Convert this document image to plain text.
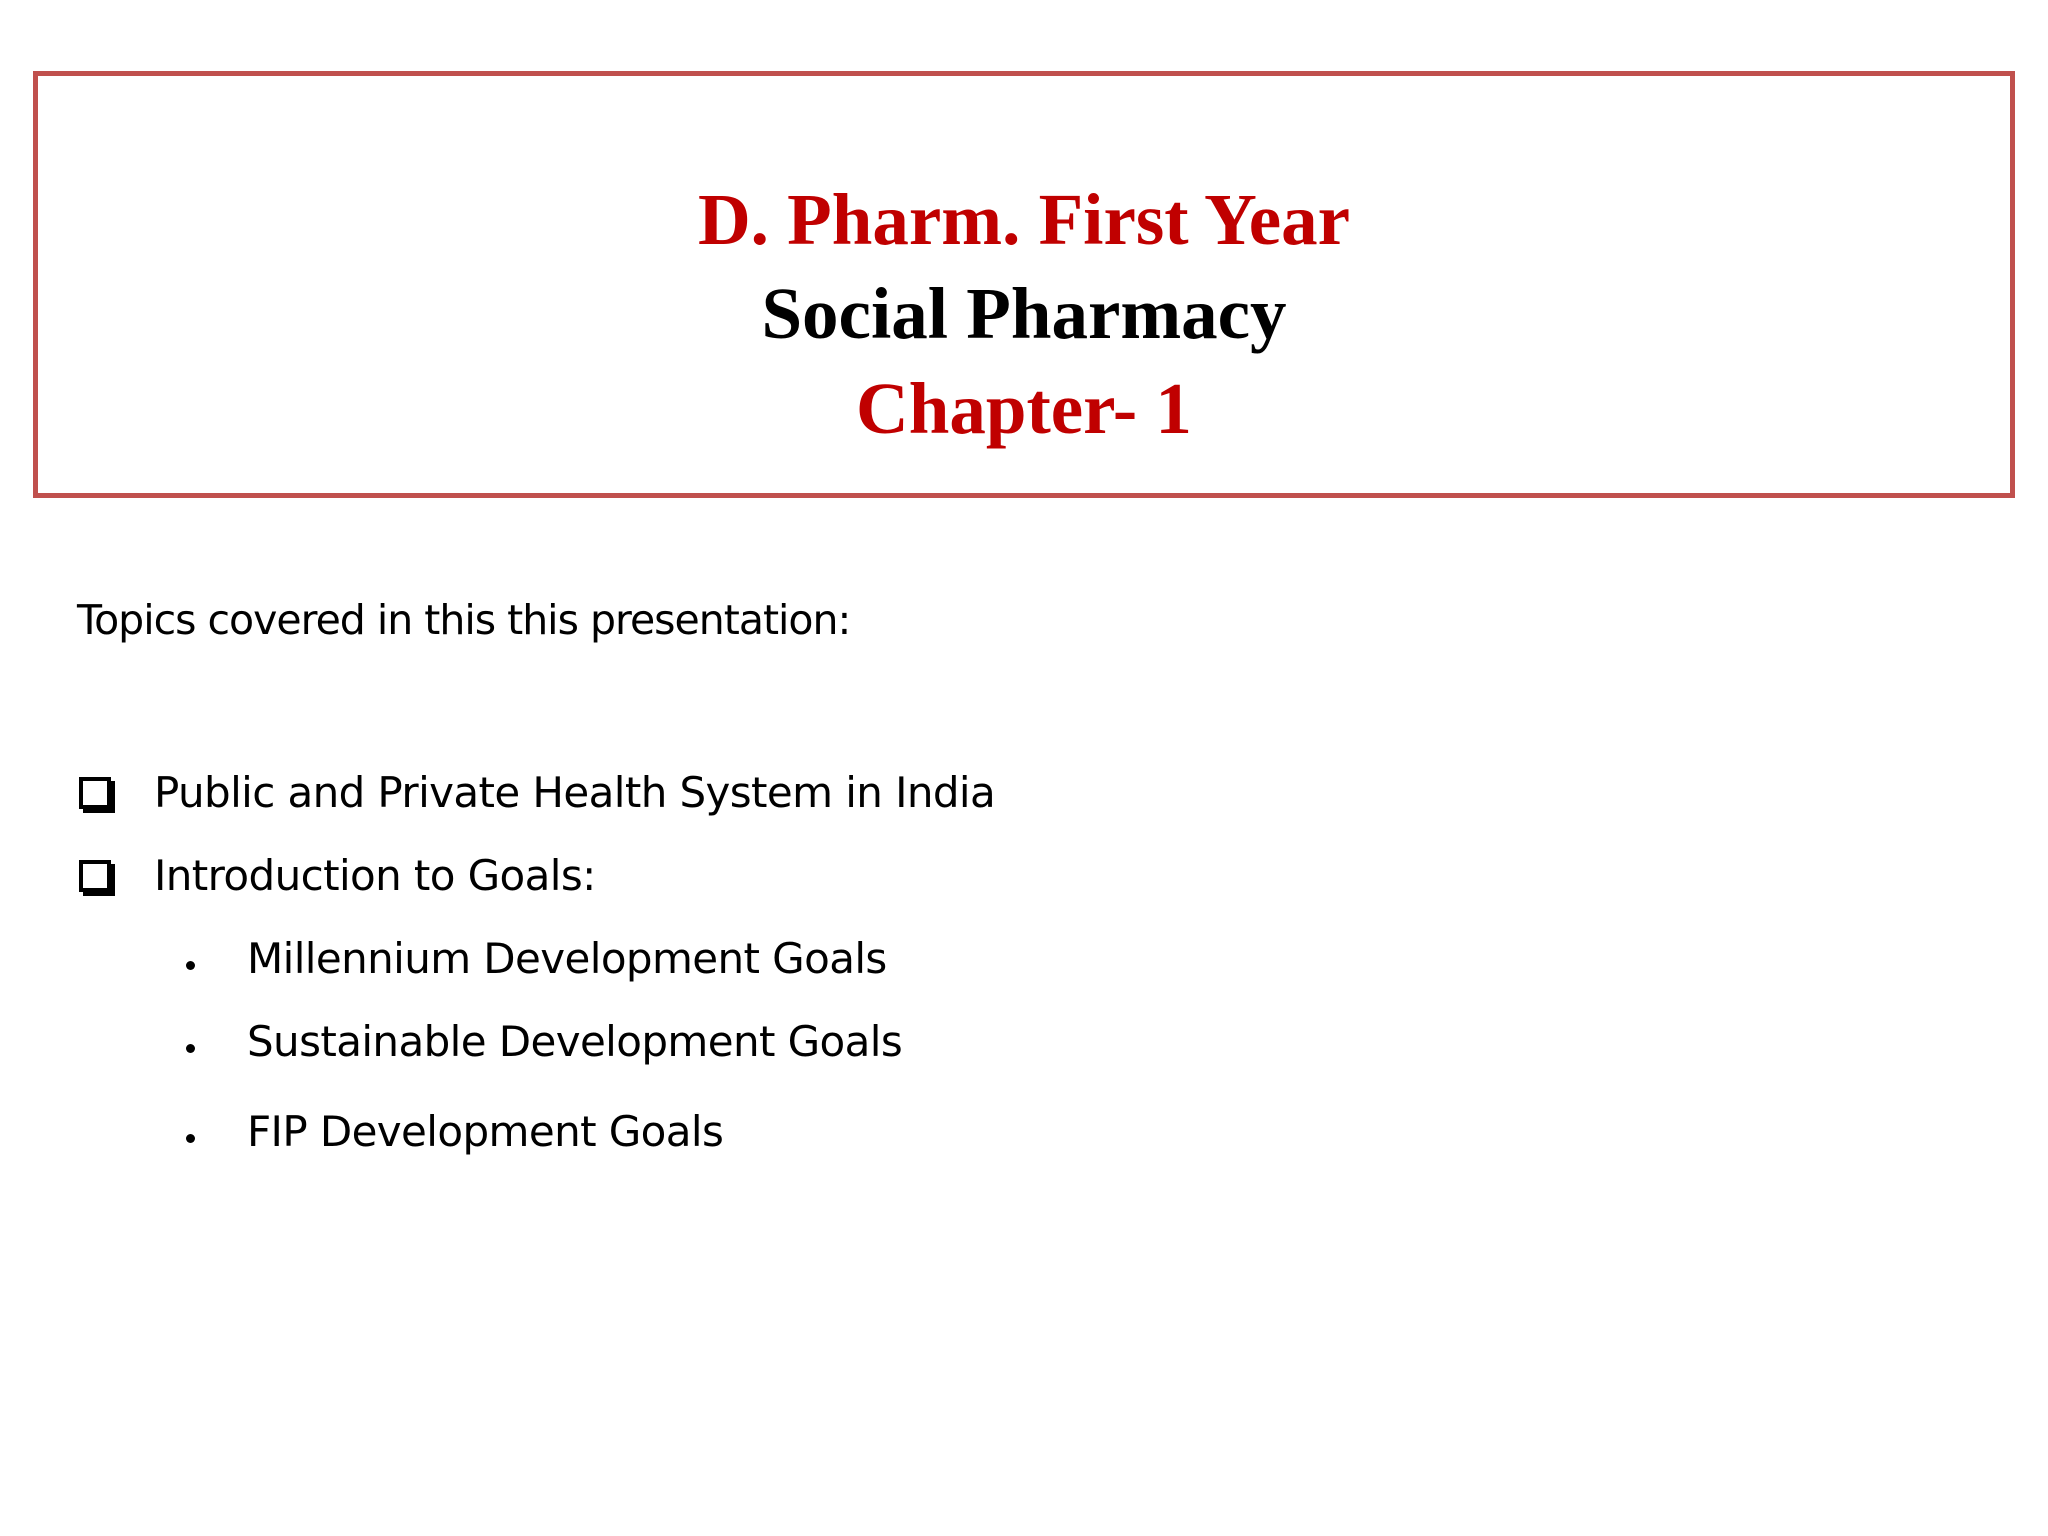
D. Pharm. First Year
Social Pharmacy
Chapter- 1
Topics covered in this this presentation:
Public and Private Health System in India
Introduction to Goals:
Millennium Development Goals
Sustainable Development Goals
FIP Development Goals
